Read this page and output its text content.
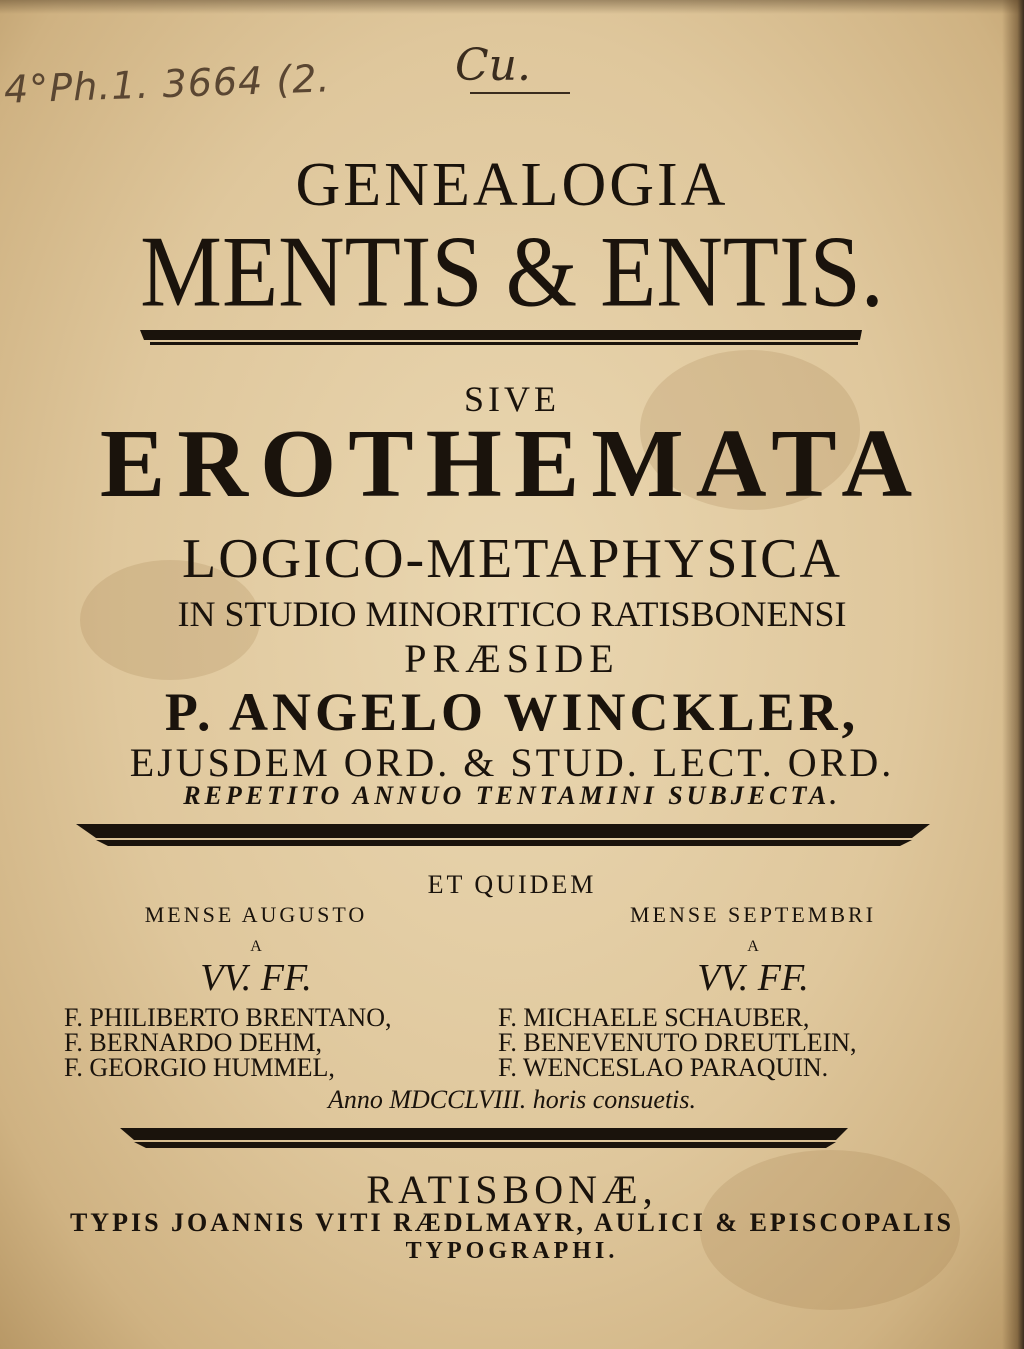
4°Ph.1. 3664 (2.	Cu.
GENEALOGIA
MENTIS & ENTIS.
SIVE
EROTHEMATA
LOGICO-METAPHYSICA
IN STUDIO MINORITICO RATISBONENSI
PRÆSIDE
P. ANGELO WINCKLER,
EJUSDEM ORD. & STUD. LECT. ORD.
REPETITO ANNUO TENTAMINI SUBJECTA.
ET QUIDEM
MENSE AUGUSTO
A
VV. FF.
MENSE SEPTEMBRI
A
VV. FF.
F. PHILIBERTO BRENTANO,
F. BERNARDO DEHM,
F. GEORGIO HUMMEL,
F. MICHAELE SCHAUBER,
F. BENEVENUTO DREUTLEIN,
F. WENCESLAO PARAQUIN.
Anno MDCCLVIII. horis consuetis.
RATISBONÆ,
TYPIS JOANNIS VITI RÆDLMAYR, AULICI & EPISCOPALIS
TYPOGRAPHI.
